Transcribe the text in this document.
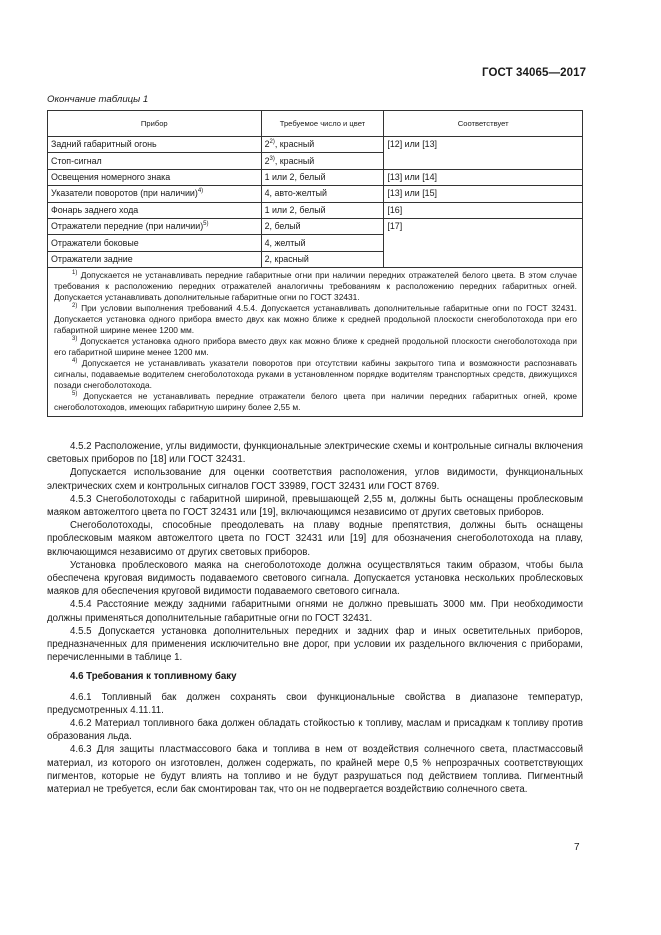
ГОСТ 34065—2017
Окончание таблицы 1
Прибор	Требуемое число и цвет	Соответствует
Задний габаритный огонь	2$^{2)}$, красный	[12] или [13]
Стоп-сигнал	2$^{3)}$, красный	
Освещения номерного знака	1 или 2, белый	[13] или [14]
Указатели поворотов (при наличии)$^{4)}$	4, авто-желтый	[13] или [15]
Фонарь заднего хода	1 или 2, белый	[16]
Отражатели передние (при наличии)$^{5)}$	2, белый	[17]
Отражатели боковые	4, желтый	
Отражатели задние	2, красный	

$^{1)}$ Допускается не устанавливать передние габаритные огни при наличии передних отражателей белого цвета. В этом случае требования к расположению передних отражателей аналогичны требованиям к расположению передних габаритных огней. Допускается устанавливать дополнительные габаритные огни по ГОСТ 32431.

$^{2)}$ При условии выполнения требований 4.5.4. Допускается устанавливать дополнительные габаритные огни по ГОСТ 32431. Допускается установка одного прибора вместо двух как можно ближе к средней продольной плоскости снегоболотохода при его габаритной ширине менее 1200 мм.

$^{3)}$ Допускается установка одного прибора вместо двух как можно ближе к средней продольной плоскости снегоболотохода при его габаритной ширине менее 1200 мм.

$^{4)}$ Допускается не устанавливать указатели поворотов при отсутствии кабины закрытого типа и возможности распознавать сигналы, подаваемые водителем снегоболотохода руками в установленном порядке водителям транспортных средств, движущихся позади снегоболотохода.

$^{5)}$ Допускается не устанавливать передние отражатели белого цвета при наличии передних габаритных огней, кроме снегоболотоходов, имеющих габаритную ширину более 2,55 м.		

4.5.2 Расположение, углы видимости, функциональные электрические схемы и контрольные сигналы включения световых приборов по [18] или ГОСТ 32431.

Допускается использование для оценки соответствия расположения, углов видимости, функциональных электрических схем и контрольных сигналов ГОСТ 33989, ГОСТ 32431 или ГОСТ 8769.

4.5.3 Снегоболотоходы с габаритной шириной, превышающей 2,55 м, должны быть оснащены проблесковым маяком автожелтого цвета по ГОСТ 32431 или [19], включающимся независимо от других световых приборов.

Снегоболотоходы, способные преодолевать на плаву водные препятствия, должны быть оснащены проблесковым маяком автожелтого цвета по ГОСТ 32431 или [19] для обозначения снегоболотохода на плаву, включающимся независимо от других световых приборов.

Установка проблескового маяка на снегоболотоходе должна осуществляться таким образом, чтобы была обеспечена круговая видимость подаваемого светового сигнала. Допускается установка нескольких проблесковых маяков для обеспечения круговой видимости подаваемого светового сигнала.

4.5.4 Расстояние между задними габаритными огнями не должно превышать 3000 мм. При необходимости должны применяться дополнительные габаритные огни по ГОСТ 32431.

4.5.5 Допускается установка дополнительных передних и задних фар и иных осветительных приборов, предназначенных для применения исключительно вне дорог, при условии их раздельного включения с приборами, перечисленными в таблице 1.

4.6 Требования к топливному баку

4.6.1 Топливный бак должен сохранять свои функциональные свойства в диапазоне температур, предусмотренных 4.11.11.

4.6.2 Материал топливного бака должен обладать стойкостью к топливу, маслам и присадкам к топливу против образования льда.

4.6.3 Для защиты пластмассового бака и топлива в нем от воздействия солнечного света, пластмассовый материал, из которого он изготовлен, должен содержать, по крайней мере 0,5 % непрозрачных соответствующих пигментов, которые не будут влиять на топливо и не будут разрушаться под действием топлива. Пигментный материал не требуется, если бак смонтирован так, что он не подвергается воздействию солнечного света.

7
